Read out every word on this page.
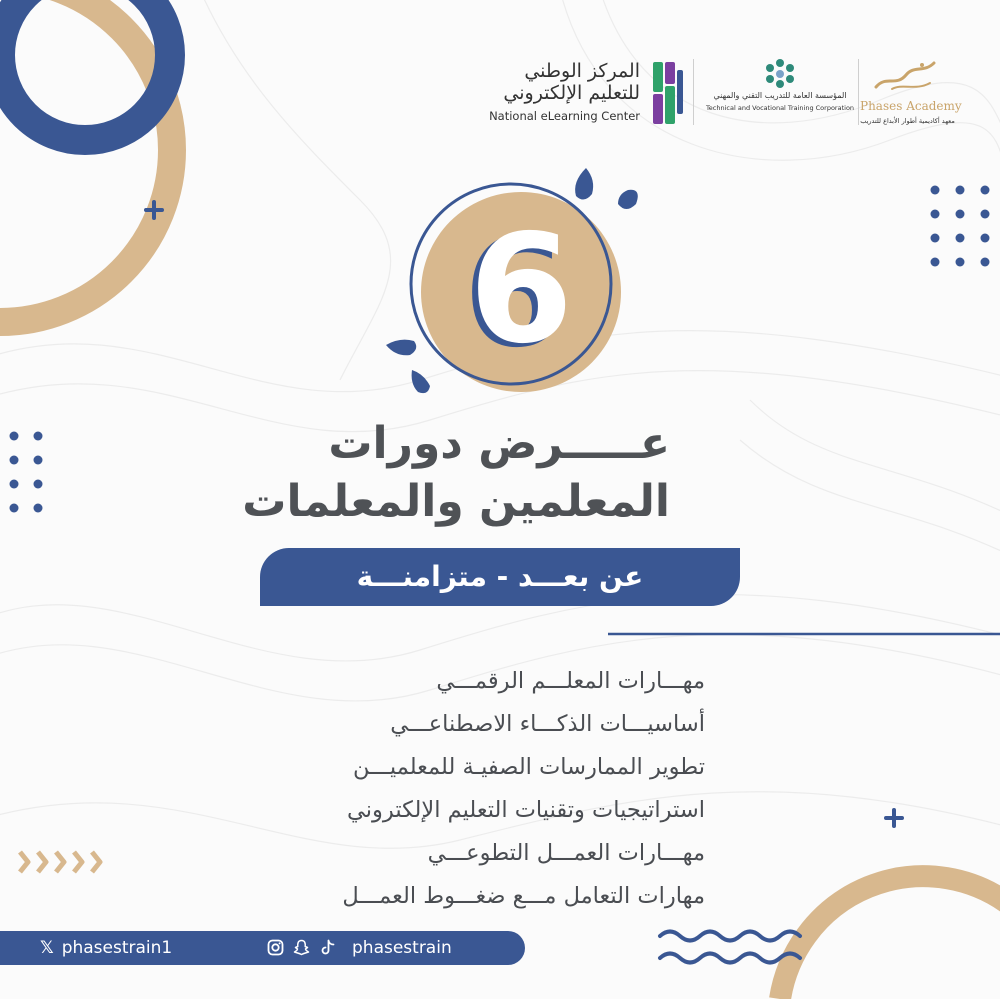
6
المركز الوطني
للتعليم الإلكتروني
National eLearning Center
المؤسسة العامة للتدريب التقني والمهني
Technical and Vocational Training Corporation Phases Academy
معهد أكاديمية أطوار الأبداع للتدريب
عـــــرض دورات
المعلمين والمعلمات
عن بعـــد - متزامنـــة
مهـــارات المعلـــم الرقمـــي
أساسيـــات الذكـــاء الاصطناعـــي
تطوير الممارسات الصفيـة للمعلميـــن
استراتيجيات وتقنيات التعليم الإلكتروني
مهـــارات العمـــل التطوعـــي
مهارات التعامل مـــع ضغـــوط العمـــل
𝕏 phasestrain1	phasestrain
